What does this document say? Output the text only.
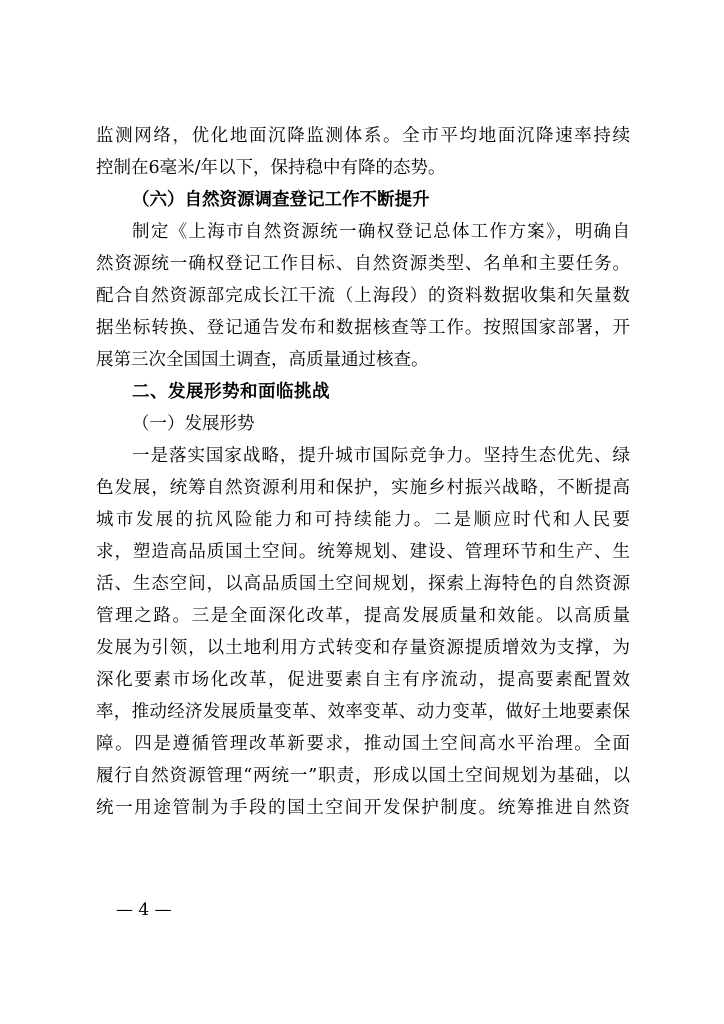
监测网络，优化地面沉降监测体系。全市平均地面沉降速率持续
控制在6毫米/年以下，保持稳中有降的态势。
（六）自然资源调查登记工作不断提升
制定《上海市自然资源统一确权登记总体工作方案》，明确自
然资源统一确权登记工作目标、自然资源类型、名单和主要任务。
配合自然资源部完成长江干流（上海段）的资料数据收集和矢量数
据坐标转换、登记通告发布和数据核查等工作。按照国家部署，开
展第三次全国国土调查，高质量通过核查。
二、发展形势和面临挑战
（一）发展形势
一是落实国家战略，提升城市国际竞争力。坚持生态优先、绿
色发展，统筹自然资源利用和保护，实施乡村振兴战略，不断提高
城市发展的抗风险能力和可持续能力。二是顺应时代和人民要
求，塑造高品质国土空间。统筹规划、建设、管理环节和生产、生
活、生态空间，以高品质国土空间规划，探索上海特色的自然资源
管理之路。三是全面深化改革，提高发展质量和效能。以高质量
发展为引领，以土地利用方式转变和存量资源提质增效为支撑，为
深化要素市场化改革，促进要素自主有序流动，提高要素配置效
率，推动经济发展质量变革、效率变革、动力变革，做好土地要素保
障。四是遵循管理改革新要求，推动国土空间高水平治理。全面
履行自然资源管理“两统一”职责，形成以国土空间规划为基础，以
统一用途管制为手段的国土空间开发保护制度。统筹推进自然资
— 4 —
